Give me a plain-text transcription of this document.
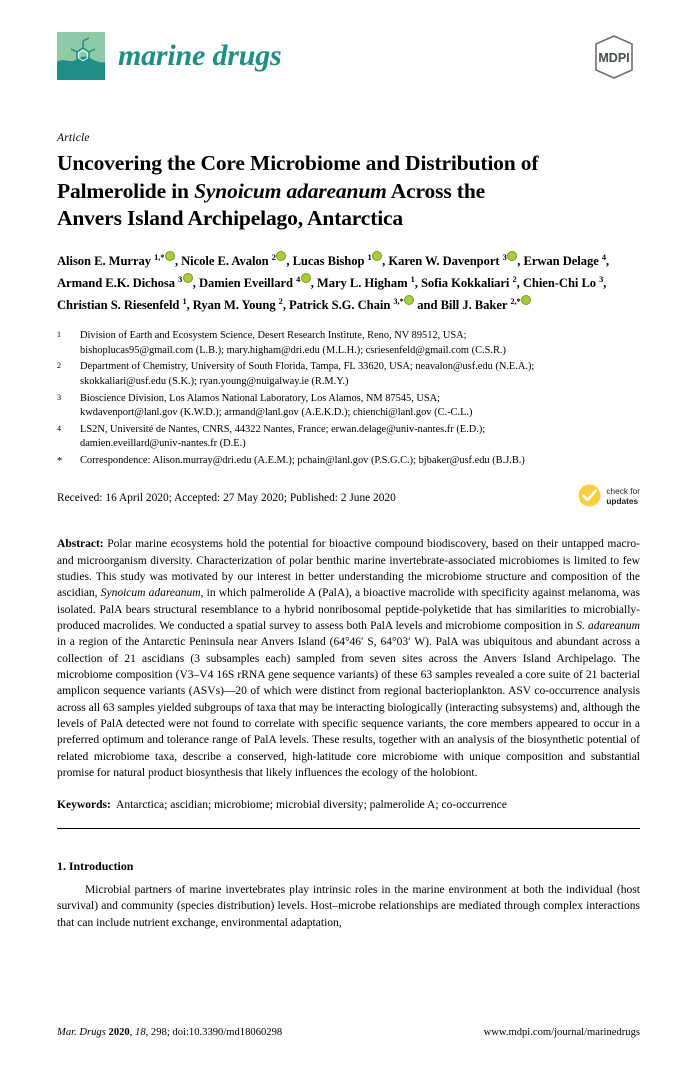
marine drugs	MDPI
Article
Uncovering the Core Microbiome and Distribution of
Palmerolide in Synoicum adareanum Across the
Anvers Island Archipelago, Antarctica
Alison E. Murray $^{1,*}$ , Nicole E. Avalon $^2$ , Lucas Bishop $^1$ , Karen W. Davenport $^3$ , Erwan Delage $^4$, Armand E.K. Dichosa $^3$ , Damien Eveillard $^4$ , Mary L. Higham $^1$, Sofia Kokkaliari $^2$, Chien-Chi Lo $^3$, Christian S. Riesenfeld $^1$, Ryan M. Young $^2$, Patrick S.G. Chain $^{3,*}$ and Bill J. Baker $^{2,*}$
1	Division of Earth and Ecosystem Science, Desert Research Institute, Reno, NV 89512, USA;
bishoplucas95@gmail.com (L.B.); mary.higham@dri.edu (M.L.H.); csriesenfeld@gmail.com (C.S.R.)
2	Department of Chemistry, University of South Florida, Tampa, FL 33620, USA; neavalon@usf.edu (N.E.A.);
skokkaliari@usf.edu (S.K.); ryan.young@nuigalway.ie (R.M.Y.)
3	Bioscience Division, Los Alamos National Laboratory, Los Alamos, NM 87545, USA;
kwdavenport@lanl.gov (K.W.D.); armand@lanl.gov (A.E.K.D.); chienchi@lanl.gov (C.-C.L.)
4	LS2N, Université de Nantes, CNRS, 44322 Nantes, France; erwan.delage@univ-nantes.fr (E.D.);
damien.eveillard@univ-nantes.fr (D.E.)
*	Correspondence: Alison.murray@dri.edu (A.E.M.); pchain@lanl.gov (P.S.G.C.); bjbaker@usf.edu (B.J.B.)
Received: 16 April 2020; Accepted: 27 May 2020; Published: 2 June 2020
check for
updates
Abstract: Polar marine ecosystems hold the potential for bioactive compound biodiscovery, based on their untapped macro- and microorganism diversity. Characterization of polar benthic marine invertebrate-associated microbiomes is limited to few studies. This study was motivated by our interest in better understanding the microbiome structure and composition of the ascidian, Synoicum adareanum, in which palmerolide A (PalA), a bioactive macrolide with specificity against melanoma, was isolated. PalA bears structural resemblance to a hybrid nonribosomal peptide-polyketide that has similarities to microbially-produced macrolides. We conducted a spatial survey to assess both PalA levels and microbiome composition in S. adareanum in a region of the Antarctic Peninsula near Anvers Island (64°46′ S, 64°03′ W). PalA was ubiquitous and abundant across a collection of 21 ascidians (3 subsamples each) sampled from seven sites across the Anvers Island Archipelago. The microbiome composition (V3–V4 16S rRNA gene sequence variants) of these 63 samples revealed a core suite of 21 bacterial amplicon sequence variants (ASVs)—20 of which were distinct from regional bacterioplankton. ASV co-occurrence analysis across all 63 samples yielded subgroups of taxa that may be interacting biologically (interacting subsystems) and, although the levels of PalA detected were not found to correlate with specific sequence variants, the core members appeared to occur in a preferred optimum and tolerance range of PalA levels. These results, together with an analysis of the biosynthetic potential of related microbiome taxa, describe a conserved, high-latitude core microbiome with unique composition and substantial promise for natural product biosynthesis that likely influences the ecology of the holobiont.
Keywords: Antarctica; ascidian; microbiome; microbial diversity; palmerolide A; co-occurrence
1. Introduction

Microbial partners of marine invertebrates play intrinsic roles in the marine environment at both the individual (host survival) and community (species distribution) levels. Host–microbe relationships are mediated through complex interactions that can include nutrient exchange, environmental adaptation,

Mar. Drugs 2020, 18, 298; doi:10.3390/md18060298	www.mdpi.com/journal/marinedrugs
